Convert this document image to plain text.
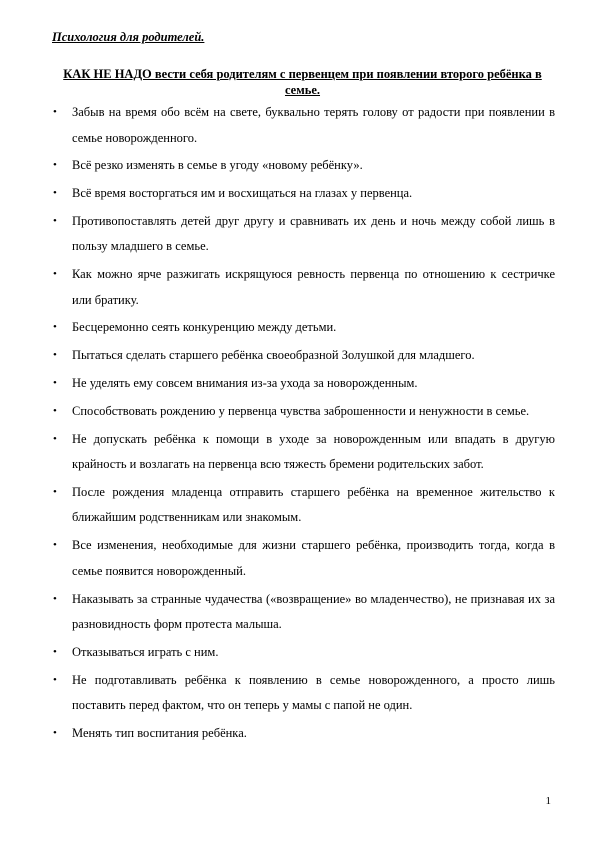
Психология для родителей.
КАК НЕ НАДО вести себя родителям с первенцем при появлении второго ребёнка в семье.
• Забыв на время обо всём на свете, буквально терять голову от радости при появлении в семье новорожденного.
• Всё резко изменять в семье в угоду «новому ребёнку».
• Всё время восторгаться им и восхищаться на глазах у первенца.
• Противопоставлять детей друг другу и сравнивать их день и ночь между собой лишь в пользу младшего в семье.
• Как можно ярче разжигать искрящуюся ревность первенца по отношению к сестричке или братику.
• Бесцеремонно сеять конкуренцию между детьми.
• Пытаться сделать старшего ребёнка своеобразной Золушкой для младшего.
• Не уделять ему совсем внимания из-за ухода за новорожденным.
• Способствовать рождению у первенца чувства заброшенности и ненужности в семье.
• Не допускать ребёнка к помощи в уходе за новорожденным или впадать в другую крайность и возлагать на первенца всю тяжесть бремени родительских забот.
• После рождения младенца отправить старшего ребёнка на временное жительство к ближайшим родственникам или знакомым.
• Все изменения, необходимые для жизни старшего ребёнка, производить тогда, когда в семье появится новорожденный.
• Наказывать за странные чудачества («возвращение» во младенчество), не признавая их за разновидность форм протеста малыша.
• Отказываться играть с ним.
• Не подготавливать ребёнка к появлению в семье новорожденного, а просто лишь поставить перед фактом, что он теперь у мамы с папой не один.
• Менять тип воспитания ребёнка.
1
